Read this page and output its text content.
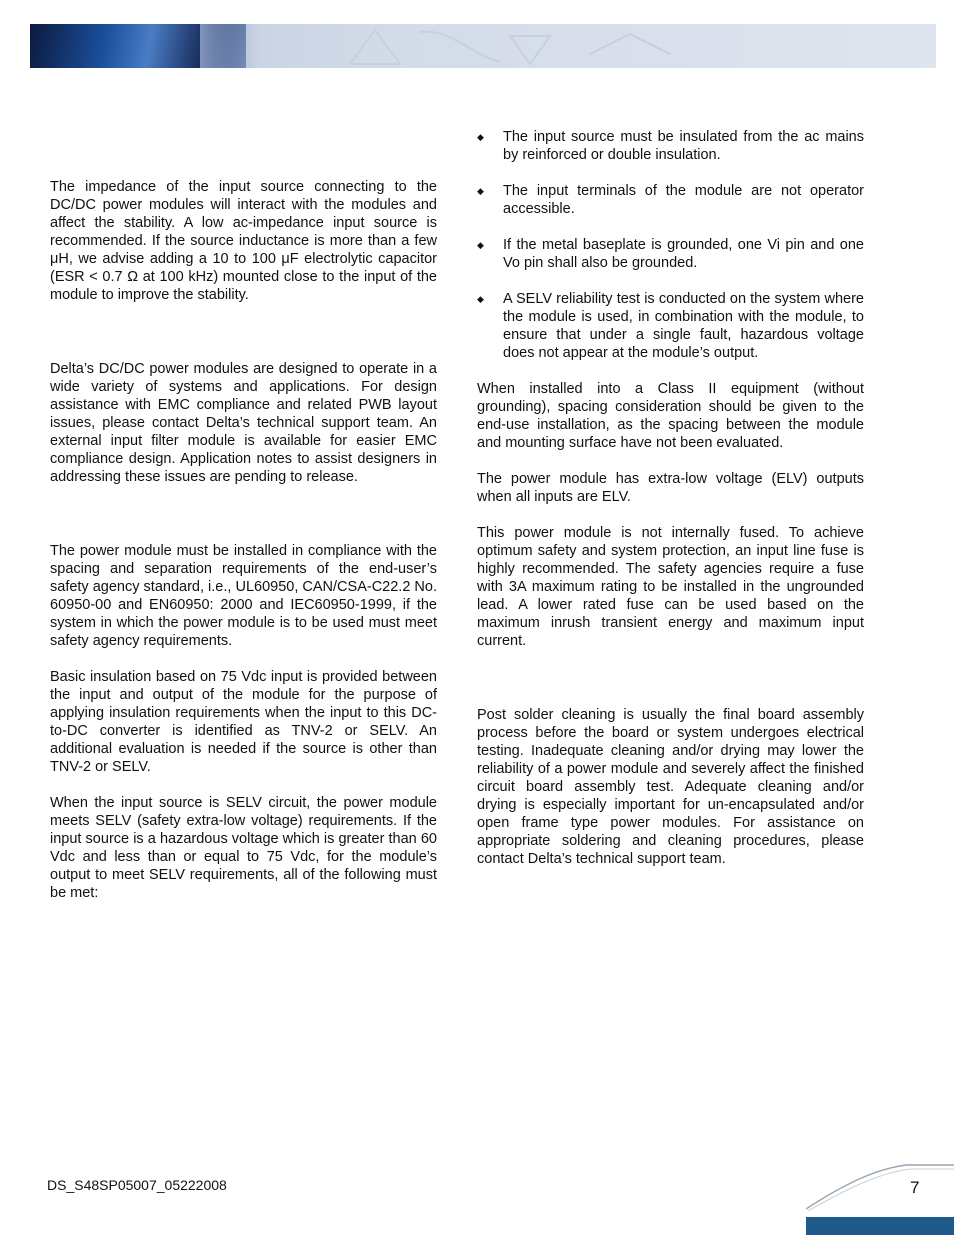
The impedance of the input source connecting to the DC/DC power modules will interact with the modules and affect the stability. A low ac-impedance input source is recommended. If the source inductance is more than a few μH, we advise adding a 10 to 100 μF electrolytic capacitor (ESR < 0.7 Ω at 100 kHz) mounted close to the input of the module to improve the stability.

Delta’s DC/DC power modules are designed to operate in a wide variety of systems and applications. For design assistance with EMC compliance and related PWB layout issues, please contact Delta’s technical support team. An external input filter module is available for easier EMC compliance design. Application notes to assist designers in addressing these issues are pending to release.

The power module must be installed in compliance with the spacing and separation requirements of the end-user’s safety agency standard, i.e., UL60950, CAN/CSA-C22.2 No. 60950-00 and EN60950: 2000 and IEC60950-1999, if the system in which the power module is to be used must meet safety agency requirements.

Basic insulation based on 75 Vdc input is provided between the input and output of the module for the purpose of applying insulation requirements when the input to this DC-to-DC converter is identified as TNV-2 or SELV. An additional evaluation is needed if the source is other than TNV-2 or SELV.

When the input source is SELV circuit, the power module meets SELV (safety extra-low voltage) requirements. If the input source is a hazardous voltage which is greater than 60 Vdc and less than or equal to 75 Vdc, for the module’s output to meet SELV requirements, all of the following must be met:

◆ The input source must be insulated from the ac mains by reinforced or double insulation.

◆ The input terminals of the module are not operator accessible.

◆ If the metal baseplate is grounded, one Vi pin and one Vo pin shall also be grounded.

◆ A SELV reliability test is conducted on the system where the module is used, in combination with the module, to ensure that under a single fault, hazardous voltage does not appear at the module’s output.

When installed into a Class II equipment (without grounding), spacing consideration should be given to the end-use installation, as the spacing between the module and mounting surface have not been evaluated.

The power module has extra-low voltage (ELV) outputs when all inputs are ELV.

This power module is not internally fused. To achieve optimum safety and system protection, an input line fuse is highly recommended. The safety agencies require a fuse with 3A maximum rating to be installed in the ungrounded lead. A lower rated fuse can be used based on the maximum inrush transient energy and maximum input current.

Post solder cleaning is usually the final board assembly process before the board or system undergoes electrical testing. Inadequate cleaning and/or drying may lower the reliability of a power module and severely affect the finished circuit board assembly test. Adequate cleaning and/or drying is especially important for un-encapsulated and/or open frame type power modules. For assistance on appropriate soldering and cleaning procedures, please contact Delta’s technical support team.

DS_S48SP05007_05222008	7
